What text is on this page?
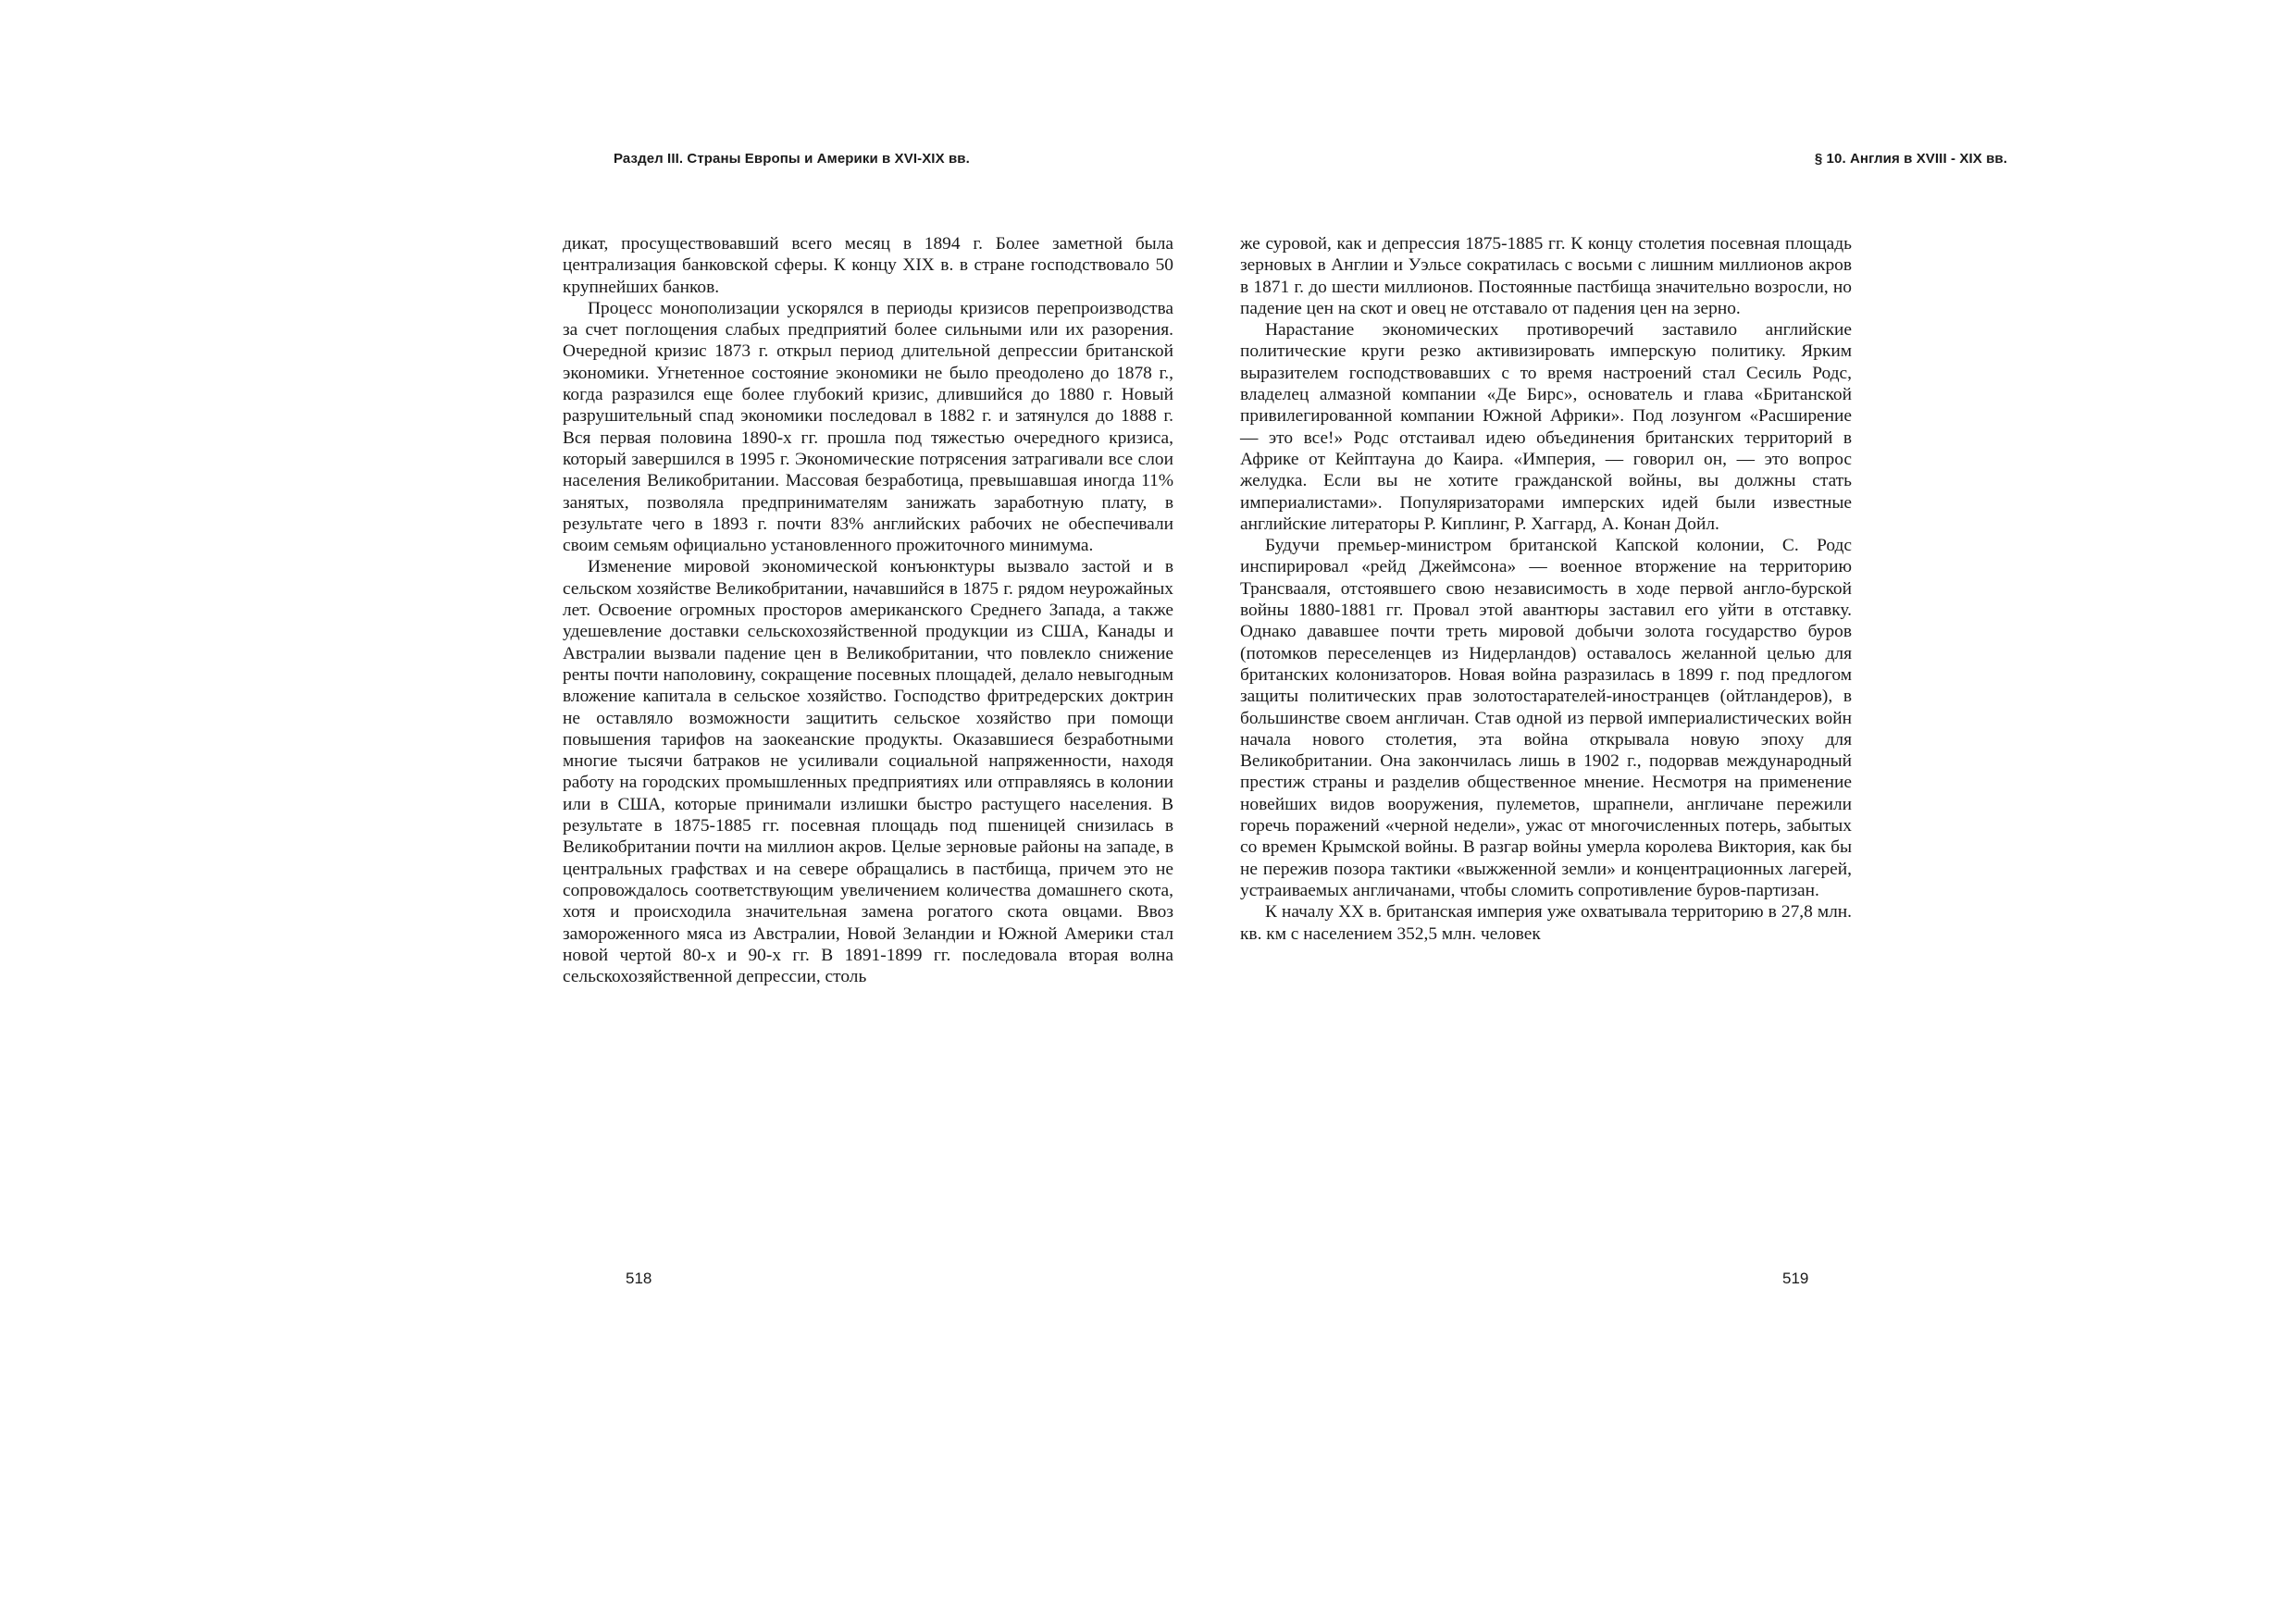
Раздел III. Страны Европы и Америки в XVI-XIX вв.

дикат, просуществовавший всего месяц в 1894 г. Более заметной была централизация банковской сферы. К концу XIX в. в стране господствовало 50 крупнейших банков.

Процесс монополизации ускорялся в периоды кризисов перепроизводства за счет поглощения слабых предприятий более сильными или их разорения. Очередной кризис 1873 г. открыл период длительной депрессии британской экономики. Угнетенное состояние экономики не было преодолено до 1878 г., когда разразился еще более глубокий кризис, длившийся до 1880 г. Новый разрушительный спад экономики последовал в 1882 г. и затянулся до 1888 г. Вся первая половина 1890-х гг. прошла под тяжестью очередного кризиса, который завершился в 1995 г. Экономические потрясения затрагивали все слои населения Великобритании. Массовая безработица, превышавшая иногда 11% занятых, позволяла предпринимателям занижать заработную плату, в результате чего в 1893 г. почти 83% английских рабочих не обеспечивали своим семьям официально установленного прожиточного минимума.

Изменение мировой экономической конъюнктуры вызвало застой и в сельском хозяйстве Великобритании, начавшийся в 1875 г. рядом неурожайных лет. Освоение огромных просторов американского Среднего Запада, а также удешевление доставки сельскохозяйственной продукции из США, Канады и Австралии вызвали падение цен в Великобритании, что повлекло снижение ренты почти наполовину, сокращение посевных площадей, делало невыгодным вложение капитала в сельское хозяйство. Господство фритредерских доктрин не оставляло возможности защитить сельское хозяйство при помощи повышения тарифов на заокеанские продукты. Оказавшиеся безработными многие тысячи батраков не усиливали социальной напряженности, находя работу на городских промышленных предприятиях или отправляясь в колонии или в США, которые принимали излишки быстро растущего населения. В результате в 1875-1885 гг. посевная площадь под пшеницей снизилась в Великобритании почти на миллион акров. Целые зерновые районы на западе, в центральных графствах и на севере обращались в пастбища, причем это не сопровождалось соответствующим увеличением количества домашнего скота, хотя и происходила значительная замена рогатого скота овцами. Ввоз замороженного мяса из Австралии, Новой Зеландии и Южной Америки стал новой чертой 80-х и 90-х гг. В 1891-1899 гг. последовала вторая волна сельскохозяйственной депрессии, столь

518
§ 10. Англия в XVIII - XIX вв.

же суровой, как и депрессия 1875-1885 гг. К концу столетия посевная площадь зерновых в Англии и Уэльсе сократилась с восьми с лишним миллионов акров в 1871 г. до шести миллионов. Постоянные пастбища значительно возросли, но падение цен на скот и овец не отставало от падения цен на зерно.

Нарастание экономических противоречий заставило английские политические круги резко активизировать имперскую политику. Ярким выразителем господствовавших с то время настроений стал Сесиль Родс, владелец алмазной компании «Де Бирс», основатель и глава «Британской привилегированной компании Южной Африки». Под лозунгом «Расширение — это все!» Родс отстаивал идею объединения британских территорий в Африке от Кейптауна до Каира. «Империя, — говорил он, — это вопрос желудка. Если вы не хотите гражданской войны, вы должны стать империалистами». Популяризаторами имперских идей были известные английские литераторы Р. Киплинг, Р. Хаггард, А. Конан Дойл.

Будучи премьер-министром британской Капской колонии, С. Родс инспирировал «рейд Джеймсона» — военное вторжение на территорию Трансвааля, отстоявшего свою независимость в ходе первой англо-бурской войны 1880-1881 гг. Провал этой авантюры заставил его уйти в отставку. Однако дававшее почти треть мировой добычи золота государство буров (потомков переселенцев из Нидерландов) оставалось желанной целью для британских колонизаторов. Новая война разразилась в 1899 г. под предлогом защиты политических прав золотостарателей-иностранцев (ойтландеров), в большинстве своем англичан. Став одной из первой империалистических войн начала нового столетия, эта война открывала новую эпоху для Великобритании. Она закончилась лишь в 1902 г., подорвав международный престиж страны и разделив общественное мнение. Несмотря на применение новейших видов вооружения, пулеметов, шрапнели, англичане пережили горечь поражений «черной недели», ужас от многочисленных потерь, забытых со времен Крымской войны. В разгар войны умерла королева Виктория, как бы не пережив позора тактики «выжженной земли» и концентрационных лагерей, устраиваемых англичанами, чтобы сломить сопротивление буров-партизан.

К началу XX в. британская империя уже охватывала территорию в 27,8 млн. кв. км с населением 352,5 млн. человек

519
